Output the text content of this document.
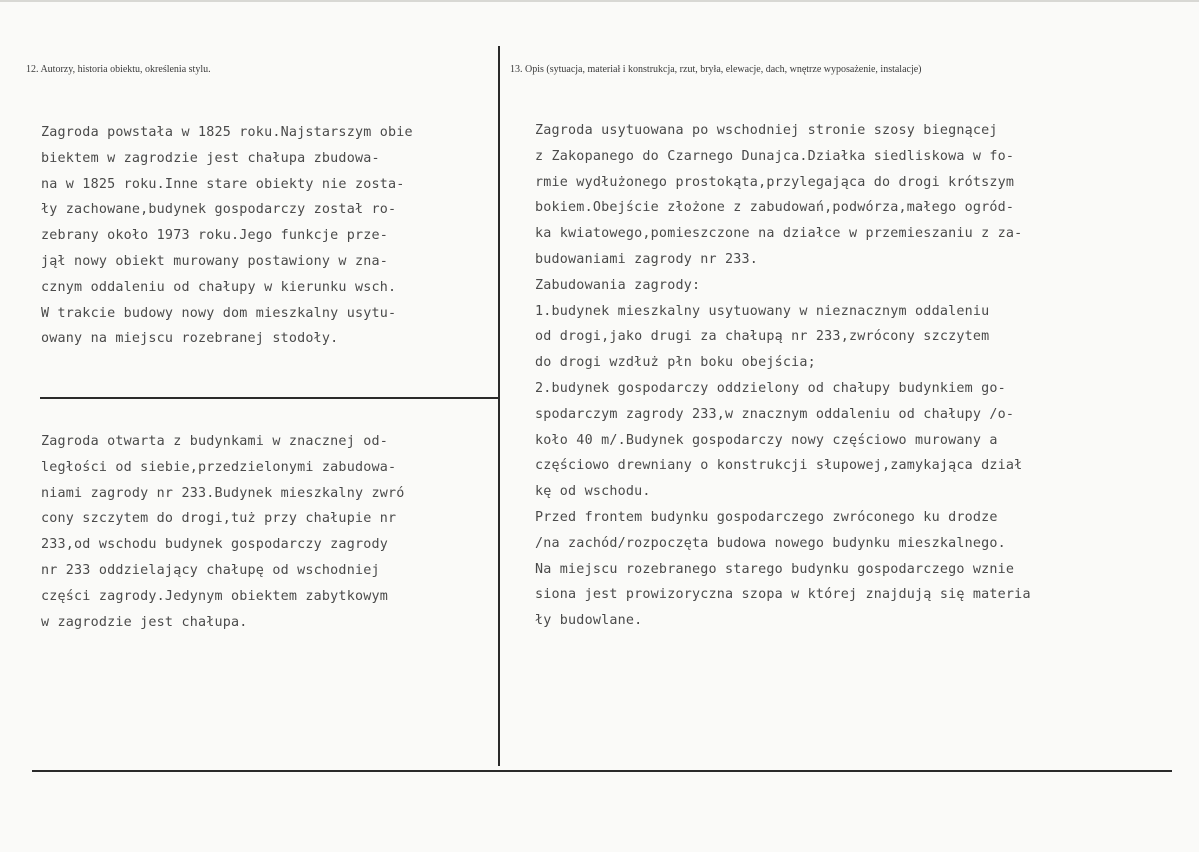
12. Autorzy, historia obiektu, określenia stylu.	13. Opis (sytuacja, materiał i konstrukcja, rzut, bryła, elewacje, dach, wnętrze wyposażenie, instalacje)
Zagroda powstała w 1825 roku.Najstarszym obie
biektem w zagrodzie jest chałupa zbudowa-
na w 1825 roku.Inne stare obiekty nie zosta-
ły zachowane,budynek gospodarczy został ro-
zebrany około 1973 roku.Jego funkcje prze-
jął nowy obiekt murowany postawiony w zna-
cznym oddaleniu od chałupy w kierunku wsch.
W trakcie budowy nowy dom mieszkalny usytu-
owany na miejscu rozebranej stodoły.
Zagroda otwarta z budynkami w znacznej od-
ległości od siebie,przedzielonymi zabudowa-
niami zagrody nr 233.Budynek mieszkalny zwró
cony szczytem do drogi,tuż przy chałupie nr
233,od wschodu budynek gospodarczy zagrody
nr 233 oddzielający chałupę od wschodniej
części zagrody.Jedynym obiektem zabytkowym
w zagrodzie jest chałupa.
Zagroda usytuowana po wschodniej stronie szosy biegnącej
z Zakopanego do Czarnego Dunajca.Działka siedliskowa w fo-
rmie wydłużonego prostokąta,przylegająca do drogi krótszym
bokiem.Obejście złożone z zabudowań,podwórza,małego ogród-
ka kwiatowego,pomieszczone na działce w przemieszaniu z za-
budowaniami zagrody nr 233.
Zabudowania zagrody:
1.budynek mieszkalny usytuowany w nieznacznym oddaleniu
od drogi,jako drugi za chałupą nr 233,zwrócony szczytem
do drogi wzdłuż płn boku obejścia;
2.budynek gospodarczy oddzielony od chałupy budynkiem go-
spodarczym zagrody 233,w znacznym oddaleniu od chałupy /o-
koło 40 m/.Budynek gospodarczy nowy częściowo murowany a
częściowo drewniany o konstrukcji słupowej,zamykająca dział
kę od wschodu.
Przed frontem budynku gospodarczego zwróconego ku drodze
/na zachód/rozpoczęta budowa nowego budynku mieszkalnego.
Na miejscu rozebranego starego budynku gospodarczego wznie
siona jest prowizoryczna szopa w której znajdują się materia
ły budowlane.
